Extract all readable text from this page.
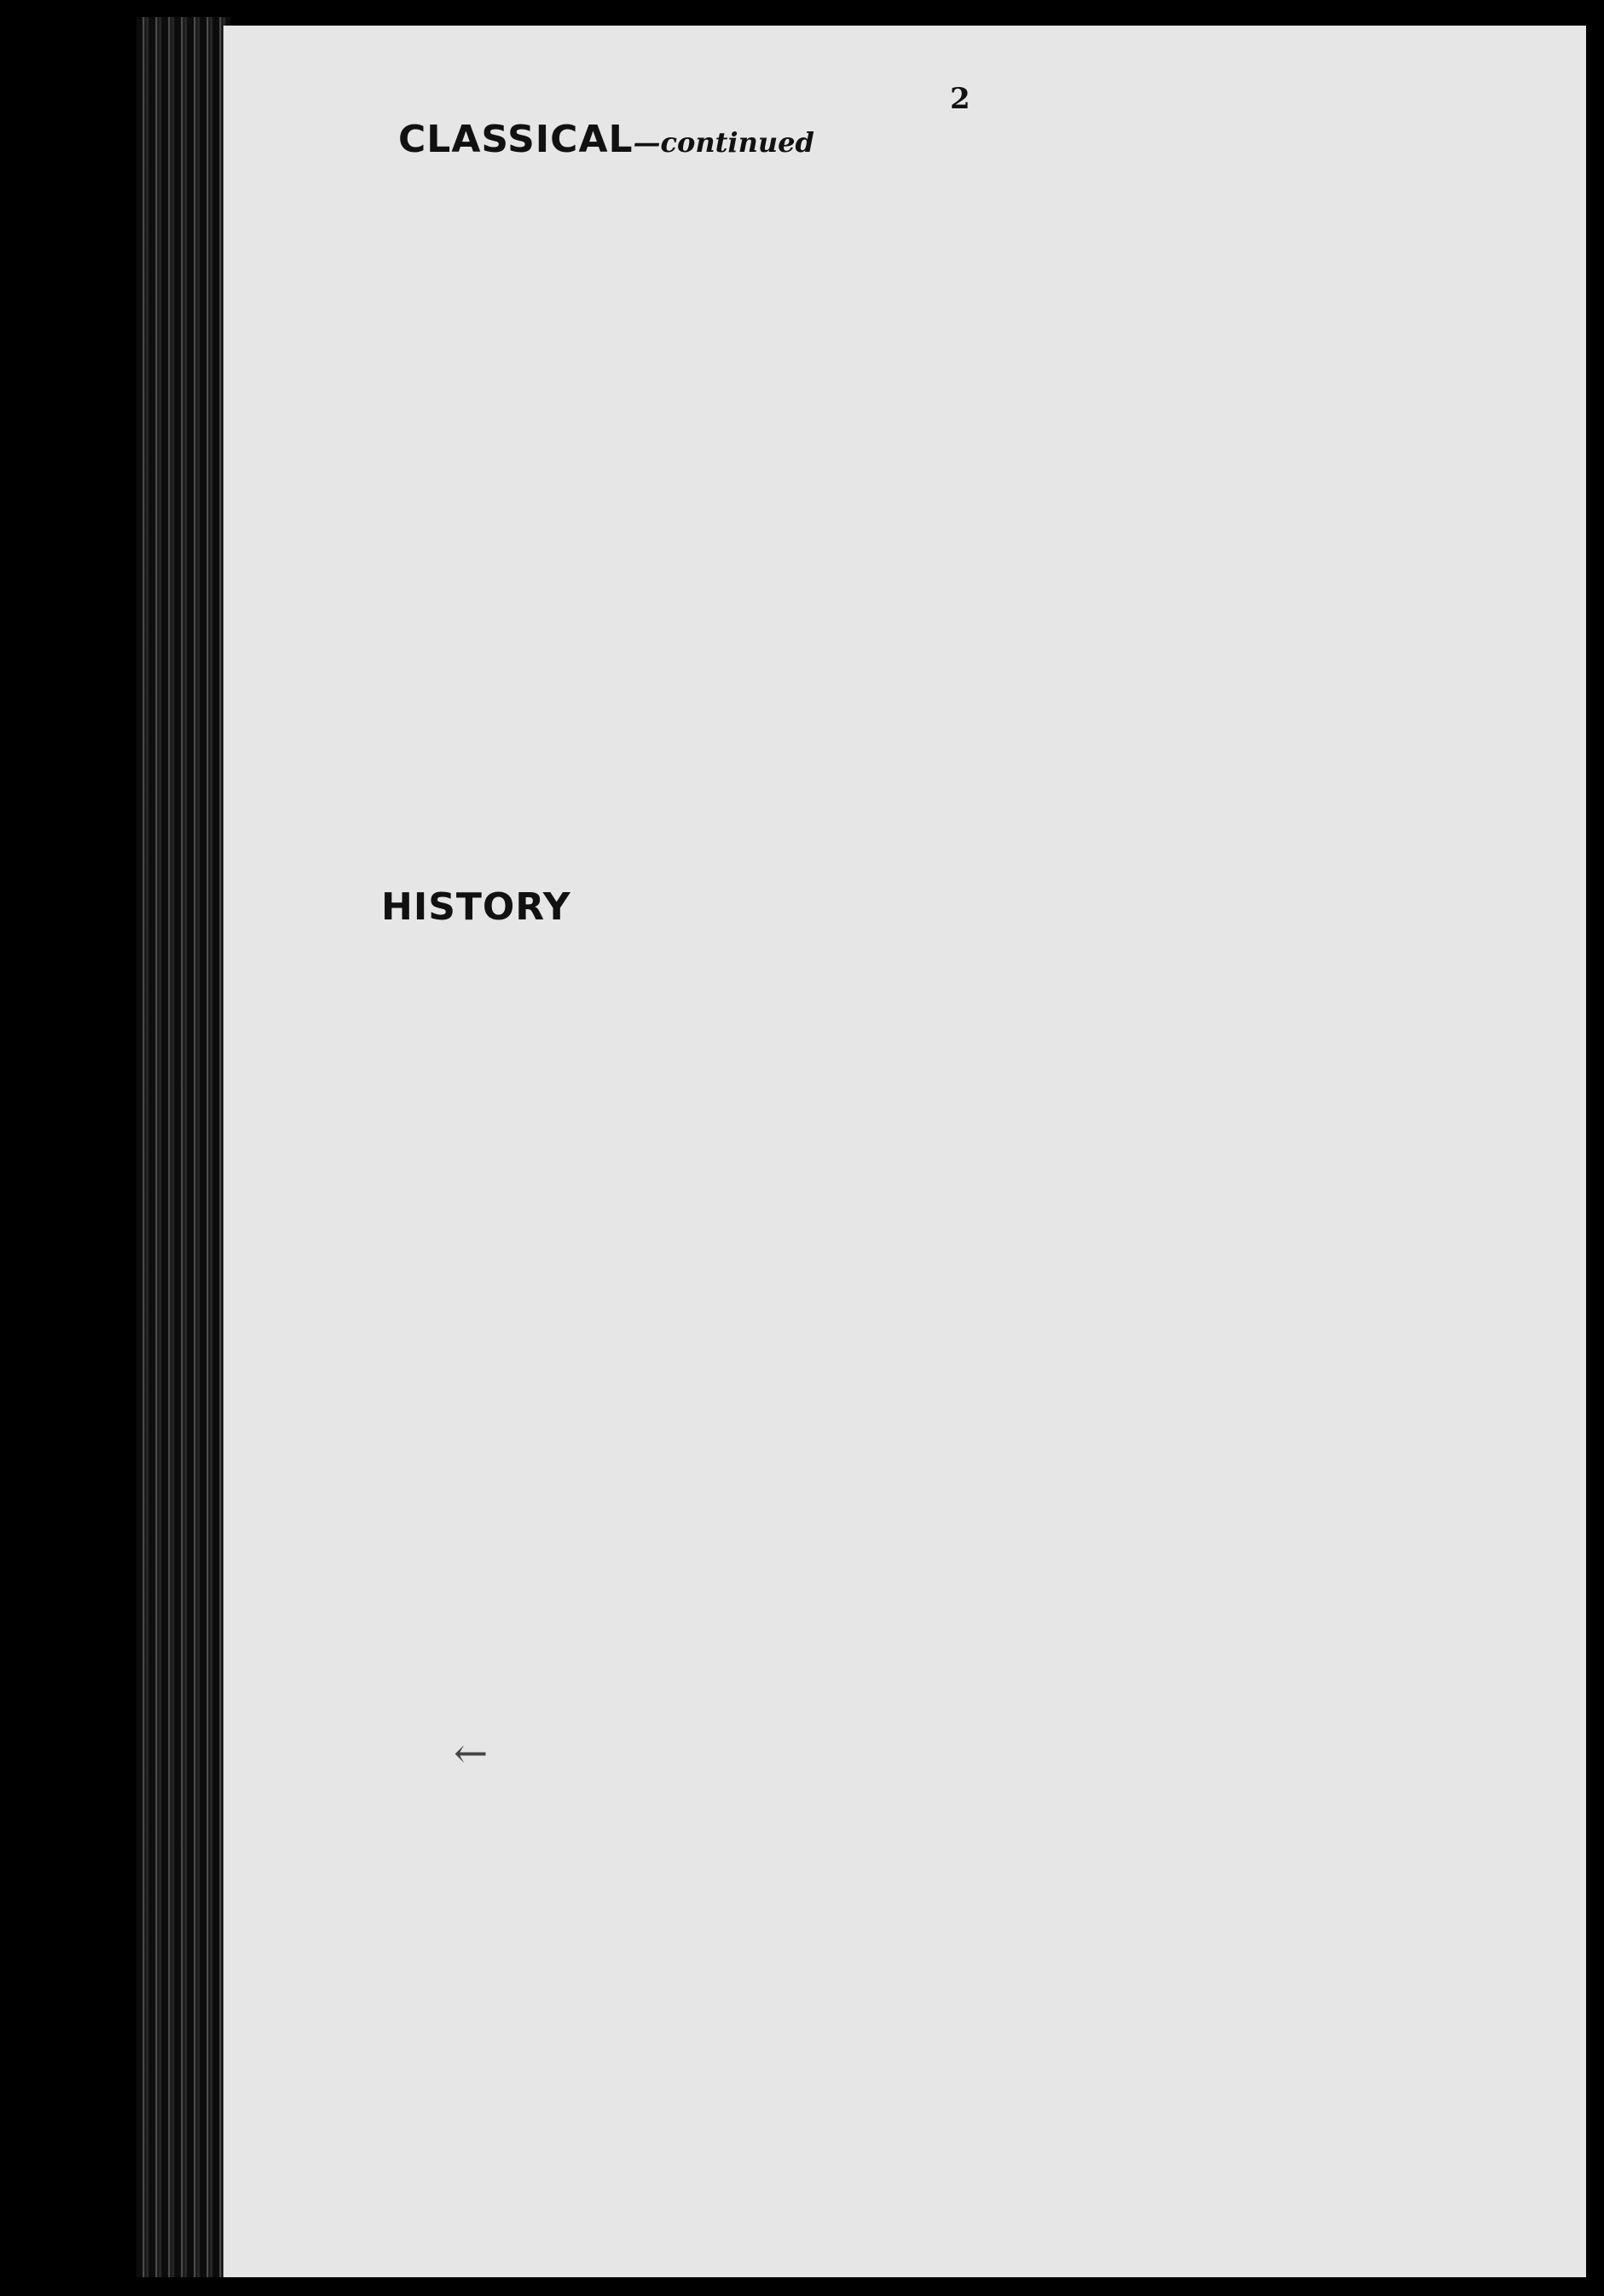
2
CLASSICAL—continued
HISTORY
←
